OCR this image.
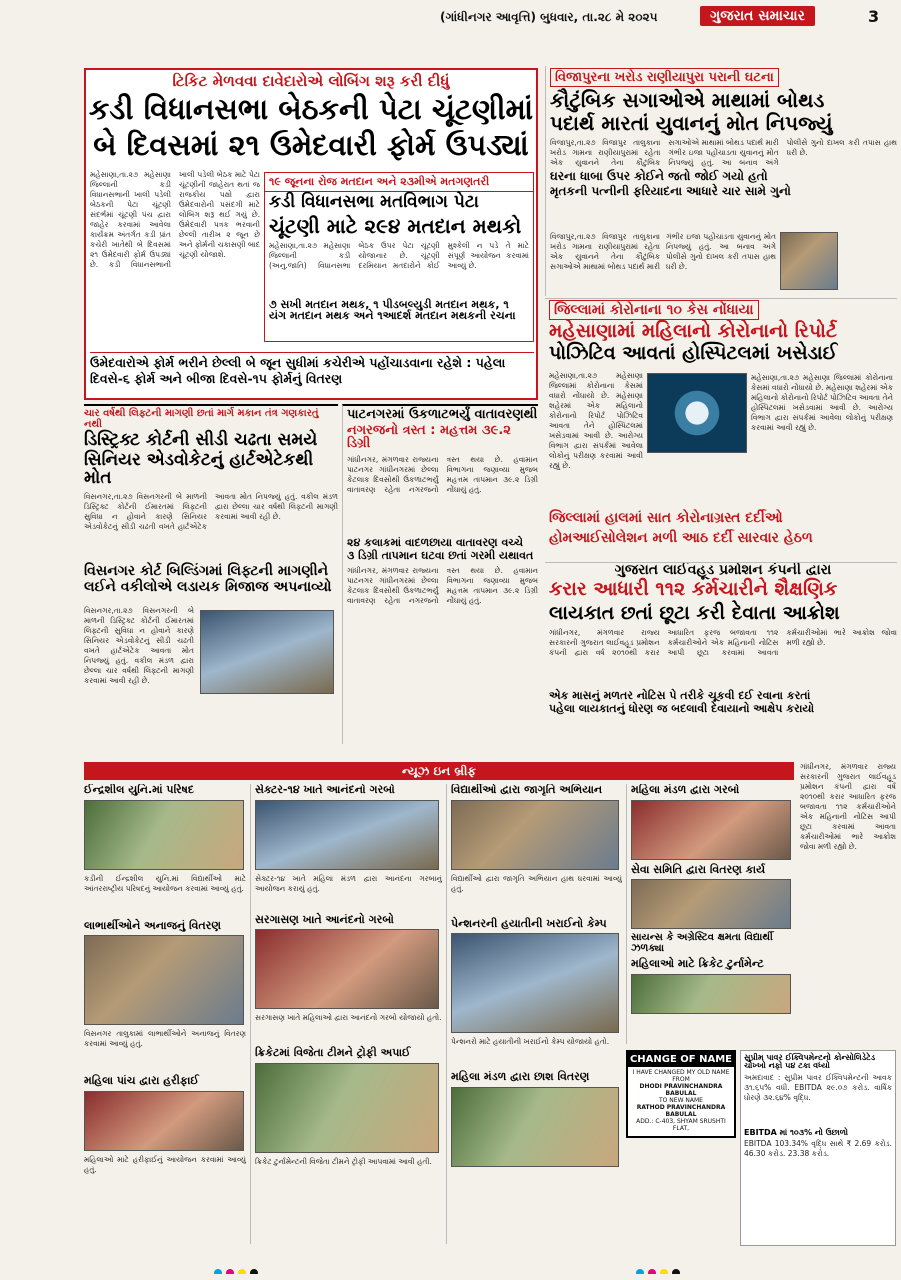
(ગાંધીનગર આવૃત્તિ) બુધવાર, તા.૨૮ મે ૨૦૨૫	ગુજરાત સમાચાર	3
ટિકિટ મેળવવા દાવેદારોએ લોબિંગ શરૂ કરી દીધું
કડી વિધાનસભા બેઠકની પેટા ચૂંટણીમાં
બે દિવસમાં ૨૧ ઉમેદવારી ફોર્મ ઉપડ્યાં
મહેસાણા,તા.૨૭ મહેસાણા જિલ્લાની કડી વિધાનસભાની ખાલી પડેલી બેઠકની પેટા ચૂંટણી સંદર્ભમાં ચૂંટણી પંચ દ્વારા જાહેર કરવામાં આવેલા કાર્યક્રમ અંતર્ગત કડી પ્રાંત કચેરી ખાતેથી બે દિવસમાં ૨૧ ઉમેદવારી ફોર્મ ઉપડ્યાં છે. કડી વિધાનસભાની ખાલી પડેલી બેઠક માટે પેટા ચૂંટણીની જાહેરાત થતાં જ રાજકીય પક્ષો દ્વારા ઉમેદવારોની પસંદગી માટે લોબિંગ શરૂ થઈ ગયું છે. ઉમેદવારી પત્રક ભરવાની છેલ્લી તારીખ ૨ જૂન છે અને ફોર્મની ચકાસણી બાદ ચૂંટણી યોજાશે.
૧૯ જૂનના રોજ મતદાન અને ૨૩મીએ મતગણતરી
કડી વિધાનસભા મતવિભાગ પેટા
ચૂંટણી માટે ૨૯૪ મતદાન મથકો
મહેસાણા,તા.૨૭ મહેસાણા જિલ્લાની કડી (અનુ.જાતિ) વિધાનસભા બેઠક ઉપર પેટા ચૂંટણી યોજાનાર છે. ચૂંટણી દરમિયાન મતદારોને કોઈ મુશ્કેલી ન પડે તે માટે સંપૂર્ણ આયોજન કરવામાં આવ્યું છે.
૭ સખી મતદાન મથક, ૧ પીડબલ્યુડી મતદાન મથક, ૧ યંગ મતદાન મથક અને ૧આદર્શ મતદાન મથકની રચના
ઉમેદવારોએ ફોર્મ ભરીને છેલ્લી બે જૂન સુધીમાં કચેરીએ પહોંચાડવાના રહેશે : પહેલા દિવસે-૬ ફોર્મ અને બીજા દિવસે-૧૫ ફોર્મનું વિતરણ
વિજાપુરના ખરોડ રાણીયાપુરા પરાની ઘટના
કૌટુંબિક સગાઓએ માથામાં બોથડ
પદાર્થ મારતાં યુવાનનું મોત નિપજ્યું
વિજાપુર,તા.૨૭ વિજાપુર તાલુકાના ખરોડ ગામના રાણીયાપુરામાં રહેતા એક યુવાનને તેના કૌટુંબિક સગાઓએ માથામાં બોથડ પદાર્થ મારી ગંભીર ઇજા પહોંચાડતા યુવાનનું મોત નિપજ્યું હતું. આ બનાવ અંગે પોલીસે ગુનો દાખલ કરી તપાસ હાથ ધરી છે.
ઘરના ધાબા ઉપર કોઈને જતો જોઈ ગયો હતો
મૃતકની પત્નીની ફરિયાદના આધારે ચાર સામે ગુનો
વિજાપુર,તા.૨૭ વિજાપુર તાલુકાના ખરોડ ગામના રાણીયાપુરામાં રહેતા એક યુવાનને તેના કૌટુંબિક સગાઓએ માથામાં બોથડ પદાર્થ મારી ગંભીર ઇજા પહોંચાડતા યુવાનનું મોત નિપજ્યું હતું. આ બનાવ અંગે પોલીસે ગુનો દાખલ કરી તપાસ હાથ ધરી છે.
ચાર વર્ષથી લિફ્ટની માગણી છતાં માર્ગ મકાન તંત્ર ગણકારતું નથી
ડિસ્ટ્રિક્ટ કોર્ટની સીડી ચઢતા સમયે
સિનિયર એડવોકેટનું હાર્ટએટેકથી મોત
વિસનગર,તા.૨૭ વિસનગરની બે માળની ડિસ્ટ્રિક્ટ કોર્ટની ઈમારતમાં લિફ્ટની સુવિધા ન હોવાને કારણે સિનિયર એડવોકેટનું સીડી ચઢતી વખતે હાર્ટએટેક આવતા મોત નિપજ્યું હતું. વકીલ મંડળ દ્વારા છેલ્લા ચાર વર્ષથી લિફ્ટની માગણી કરવામાં આવી રહી છે.
વિસનગર કોર્ટ બિલ્ડિંગમાં લિફ્ટની માગણીને
લઈને વકીલોએ લડાયક મિજાજ અપનાવ્યો
વિસનગર,તા.૨૭ વિસનગરની બે માળની ડિસ્ટ્રિક્ટ કોર્ટની ઈમારતમાં લિફ્ટની સુવિધા ન હોવાને કારણે સિનિયર એડવોકેટનું સીડી ચઢતી વખતે હાર્ટએટેક આવતા મોત નિપજ્યું હતું. વકીલ મંડળ દ્વારા છેલ્લા ચાર વર્ષથી લિફ્ટની માગણી કરવામાં આવી રહી છે.
પાટનગરમાં ઉકળાટભર્યું વાતાવરણથી
નગરજનો ત્રસ્ત : મહત્તમ ૩૯.૨ ડિગ્રી
ગાંધીનગર, મંગળવાર રાજ્યના પાટનગર ગાંધીનગરમાં છેલ્લા કેટલાક દિવસોથી ઉકળાટભર્યું વાતાવરણ રહેતા નગરજનો ત્રસ્ત થયા છે. હવામાન વિભાગના જણાવ્યા મુજબ મહત્તમ તાપમાન ૩૯.૨ ડિગ્રી નોંધાયું હતું.
૨૪ કલાકમાં વાદળછાયા વાતાવરણ વચ્ચે
૩ ડિગ્રી તાપમાન ઘટવા છતાં ગરમી યથાવત
ગાંધીનગર, મંગળવાર રાજ્યના પાટનગર ગાંધીનગરમાં છેલ્લા કેટલાક દિવસોથી ઉકળાટભર્યું વાતાવરણ રહેતા નગરજનો ત્રસ્ત થયા છે. હવામાન વિભાગના જણાવ્યા મુજબ મહત્તમ તાપમાન ૩૯.૨ ડિગ્રી નોંધાયું હતું.
જિલ્લામાં કોરોનાના ૧૦ કેસ નોંધાયા
મહેસાણામાં મહિલાનો કોરોનાનો રિપોર્ટ
પોઝિટિવ આવતાં હોસ્પિટલમાં ખસેડાઈ
મહેસાણા,તા.૨૭ મહેસાણા જિલ્લામાં કોરોનાના કેસમાં વધારો નોંધાયો છે. મહેસાણા શહેરમાં એક મહિલાનો કોરોનાનો રિપોર્ટ પોઝિટિવ આવતા તેને હોસ્પિટલમાં ખસેડવામાં આવી છે. આરોગ્ય વિભાગ દ્વારા સંપર્કમાં આવેલા લોકોનું પરીક્ષણ કરવામાં આવી રહ્યું છે.
મહેસાણા,તા.૨૭ મહેસાણા જિલ્લામાં કોરોનાના કેસમાં વધારો નોંધાયો છે. મહેસાણા શહેરમાં એક મહિલાનો કોરોનાનો રિપોર્ટ પોઝિટિવ આવતા તેને હોસ્પિટલમાં ખસેડવામાં આવી છે. આરોગ્ય વિભાગ દ્વારા સંપર્કમાં આવેલા લોકોનું પરીક્ષણ કરવામાં આવી રહ્યું છે.
જિલ્લામાં હાલમાં સાત કોરોનાગ્રસ્ત દર્દીઓ
હોમઆઈસોલેશન મળી આઠ દર્દી સારવાર હેઠળ
ગુજરાત લાઈવહૂડ પ્રમોશન કંપની દ્વારા
કરાર આધારી ૧૧૨ કર્મચારીને શૈક્ષણિક
લાયકાત છતાં છૂટા કરી દેવાતા આક્રોશ
ગાંધીનગર, મંગળવાર રાજ્ય સરકારની ગુજરાત લાઈવહૂડ પ્રમોશન કંપની દ્વારા વર્ષ ૨૦૧૦થી કરાર આધારિત ફરજ બજાવતા ૧૧૨ કર્મચારીઓને એક મહિનાની નોટિસ આપી છૂટા કરવામાં આવતા કર્મચારીઓમાં ભારે આક્રોશ જોવા મળી રહ્યો છે.
એક માસનું મળતર નોટિસ પે તરીકે ચૂકવી દઈ રવાના કરતાં
પહેલા લાયકાતનું ધોરણ જ બદલાવી દેવાયાનો આક્ષેપ કરાયો
ન્યૂઝ ઇન બ્રીફ
ઈન્દ્રશીલ યુનિ.માં પરિષદ
કડીની ઈન્દ્રશીલ યુનિ.માં વિદ્યાર્થીઓ માટે આંતરરાષ્ટ્રીય પરિષદનું આયોજન કરવામાં આવ્યું હતું.
લાભાર્થીઓને અનાજનું વિતરણ
વિસનગર તાલુકામાં લાભાર્થીઓને અનાજનું વિતરણ કરવામાં આવ્યું હતું.
મહિલા પાંચ દ્વારા હરીફાઈ
મહિલાઓ માટે હરીફાઈનું આયોજન કરવામાં આવ્યું હતું.
સેક્ટર-૧૪ ખાતે આનંદનો ગરબો
સેક્ટર-૧૪ ખાતે મહિલા મંડળ દ્વારા આનંદના ગરબાનું આયોજન કરાયું હતું.
સરગાસણ ખાતે આનંદનો ગરબો
સરગાસણ ખાતે મહિલાઓ દ્વારા આનંદનો ગરબો યોજાયો હતો.
ક્રિકેટમાં વિજેતા ટીમને ટ્રોફી અપાઈ
ક્રિકેટ ટુર્નામેન્ટની વિજેતા ટીમને ટ્રોફી આપવામાં આવી હતી.
વિદ્યાર્થીઓ દ્વારા જાગૃતિ અભિયાન
વિદ્યાર્થીઓ દ્વારા જાગૃતિ અભિયાન હાથ ધરવામાં આવ્યું હતું.
પેન્શનરની હયાતીની ખરાઈનો કેમ્પ
પેન્શનરો માટે હયાતીની ખરાઈનો કેમ્પ યોજાયો હતો.
મહિલા મંડળ દ્વારા છાશ વિતરણ
મહિલા મંડળ દ્વારા ગરબો
સેવા સમિતિ દ્વારા વિતરણ કાર્ય
સાયન્સ કે અગ્રેસ્ટિવ ક્ષમતા વિદ્યાર્થી ઝળક્યા
મહિલાઓ માટે ક્રિકેટ ટુર્નામેન્ટ
CHANGE OF NAME
I HAVE CHANGED MY OLD NAME FROM
DHODI PRAVINCHANDRA BABULAL
TO NEW NAME
RATHOD PRAVINCHANDRA BABULAL
ADD.: C-403, SHYAM SRUSHTI FLAT,
સુપ્રીમ પાવર ઈક્વિપમેન્ટનો કોન્સોલિડેટેડ ચોખ્ખો નફો ૫૪ ટકા વધ્યો
અમદાવાદ : સુપ્રીમ પાવર ઈક્વિપમેન્ટની આવક ૩૧.૬૫% વધી. EBITDA ૨૯.૦૭ કરોડ. વાર્ષિક ધોરણે ૩૨.૬૪% વૃદ્ધિ.
EBITDA માં ૧૦૩% નો ઉછાળો
EBITDA 103.34% વૃદ્ધિ સાથે ₹ 2.69 કરોડ. 46.30 કરોડ. 23.38 કરોડ.
ગાંધીનગર, મંગળવાર રાજ્ય સરકારની ગુજરાત લાઈવહૂડ પ્રમોશન કંપની દ્વારા વર્ષ ૨૦૧૦થી કરાર આધારિત ફરજ બજાવતા ૧૧૨ કર્મચારીઓને એક મહિનાની નોટિસ આપી છૂટા કરવામાં આવતા કર્મચારીઓમાં ભારે આક્રોશ જોવા મળી રહ્યો છે.
